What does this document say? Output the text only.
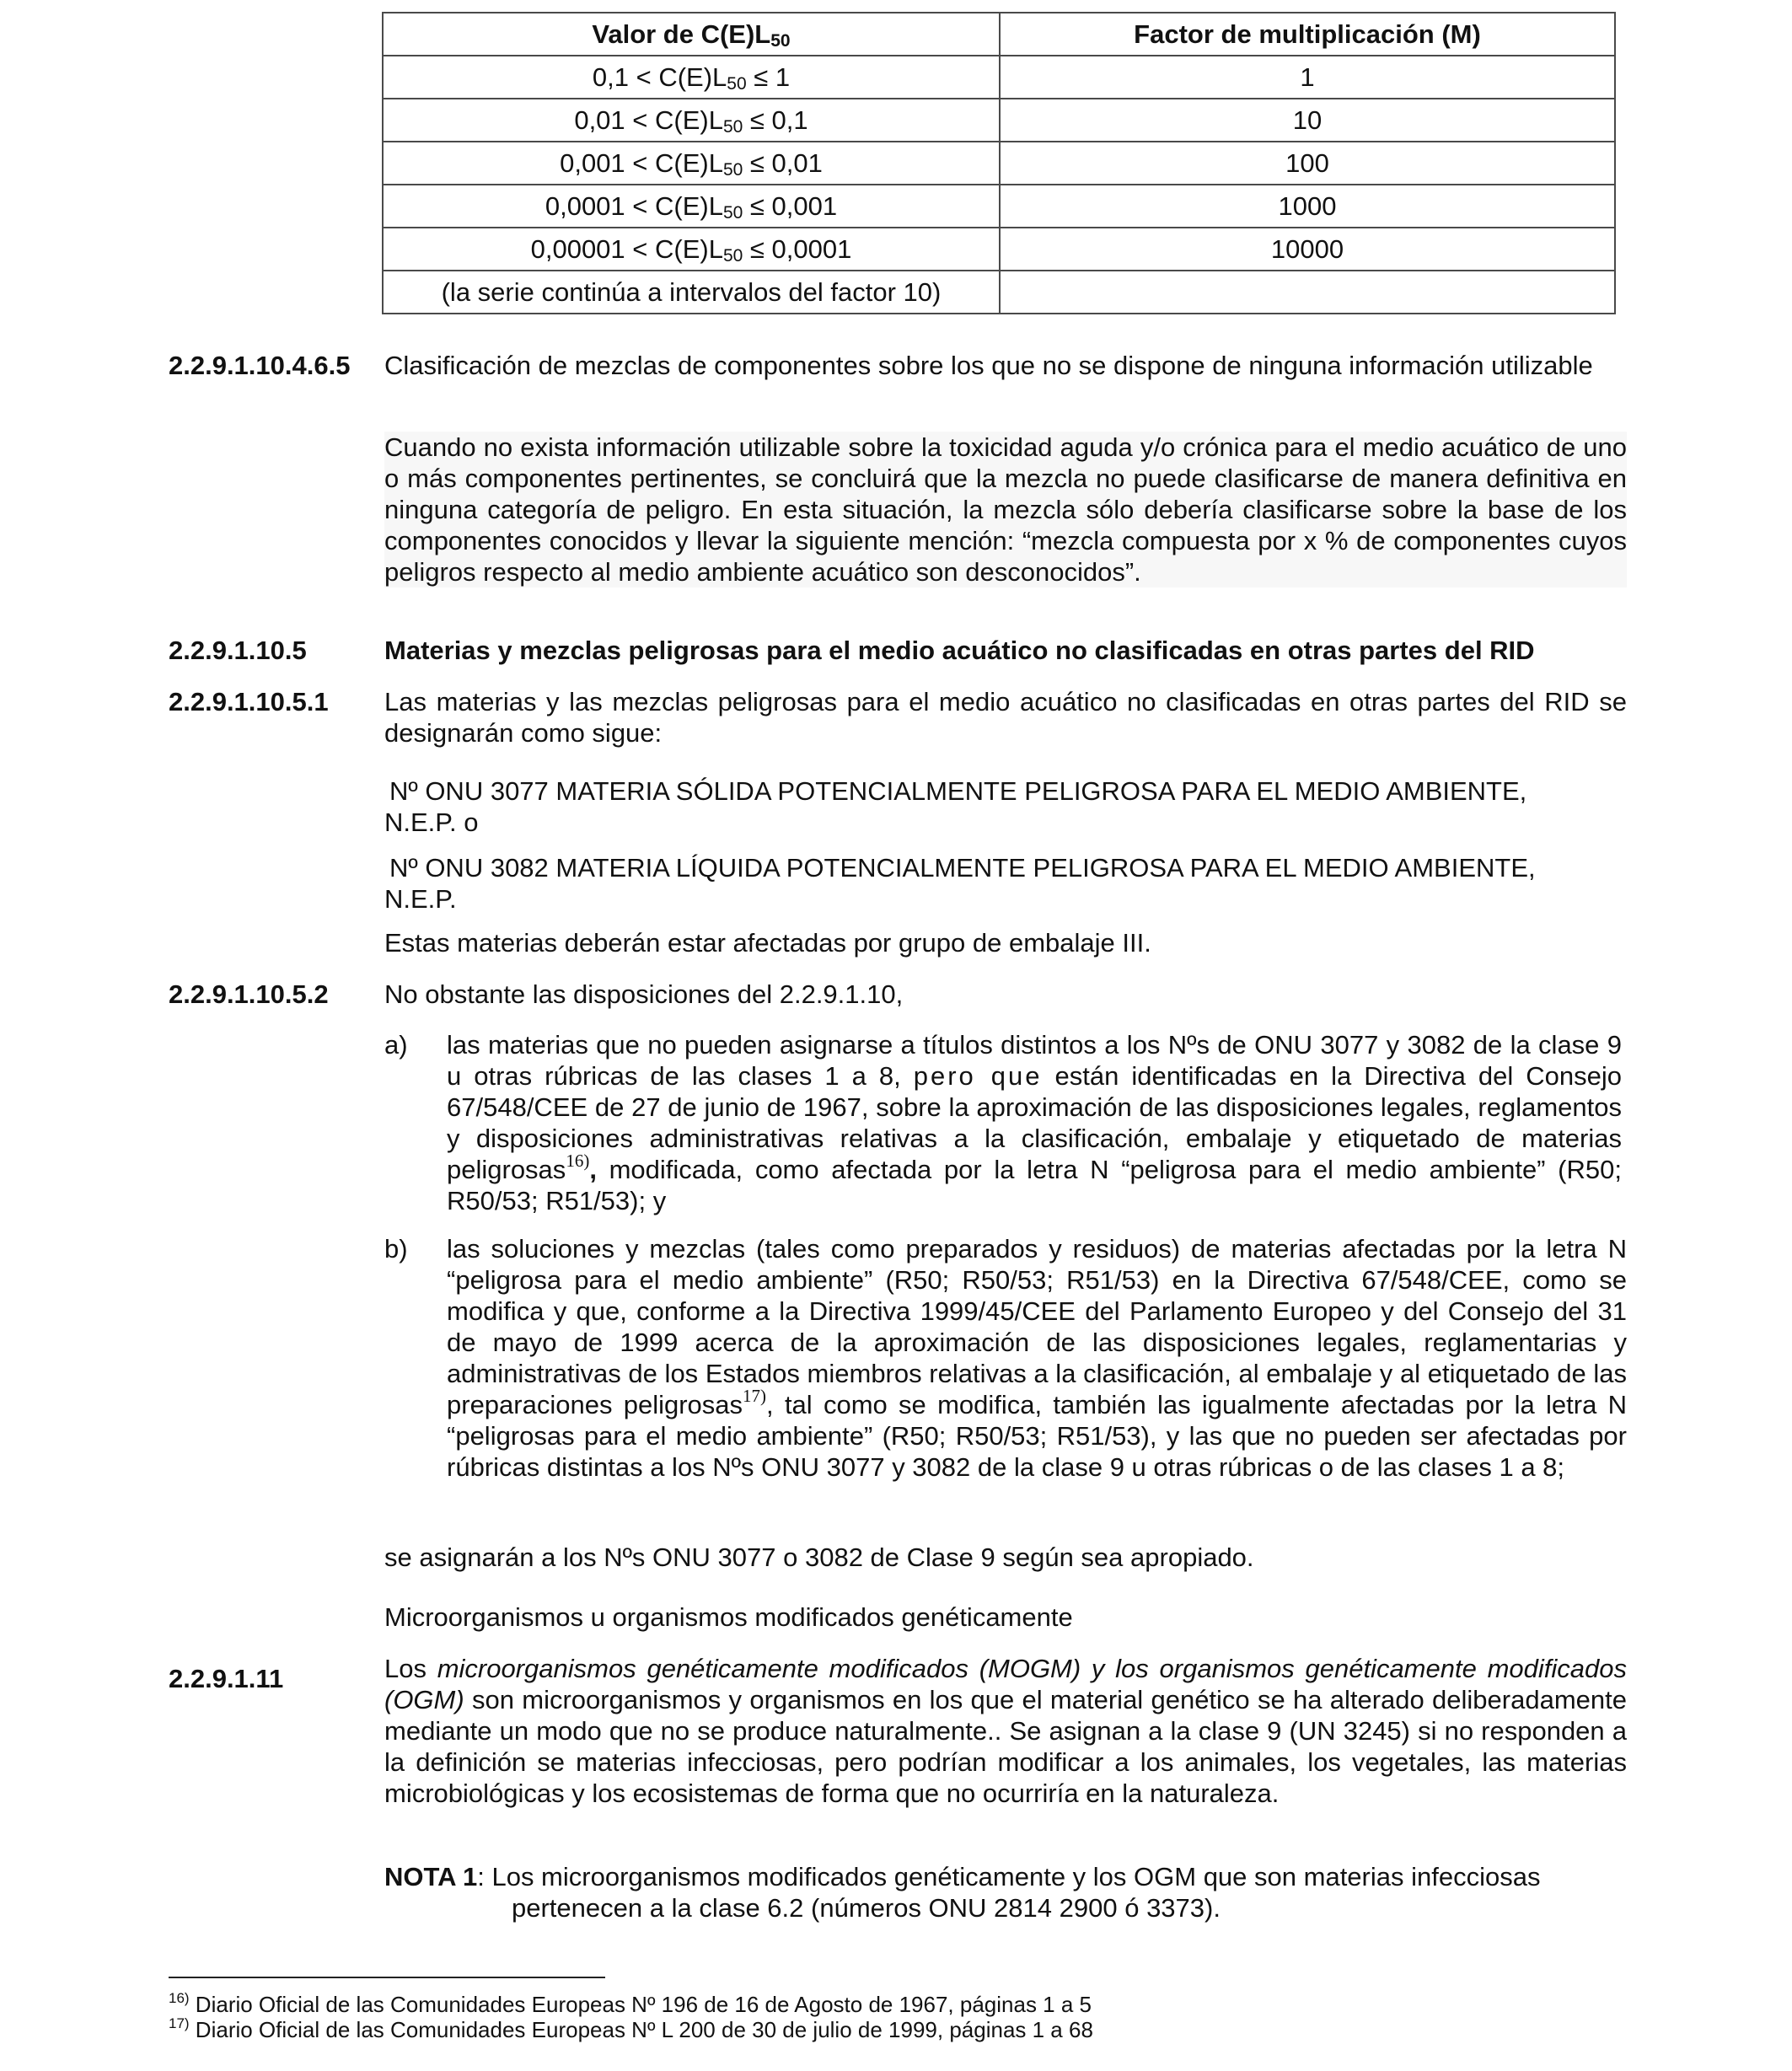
Valor de $C(E)L_{50}$	Factor de multiplicación (M)
$0,1 < C(E)L_{50} \le 1$	1
$0,01 < C(E)L_{50} \le 0,1$	10
$0,001 < C(E)L_{50} \le 0,01$	100
$0,0001 < C(E)L_{50} \le 0,001$	1000
$0,00001 < C(E)L_{50} \le 0,0001$	10000
(la serie continúa a intervalos del factor 10)	
2.2.9.1.10.4.6.5 Clasificación de mezclas de componentes sobre los que no se dispone de ninguna información utilizable
Cuando no exista información utilizable sobre la toxicidad aguda y/o crónica para el medio acuático de uno o más componentes pertinentes, se concluirá que la mezcla no puede clasificarse de manera definitiva en ninguna categoría de peligro. En esta situación, la mezcla sólo debería clasificarse sobre la base de los componentes conocidos y llevar la siguiente mención: “mezcla compuesta por x % de componentes cuyos peligros respecto al medio ambiente acuático son desconocidos”.
2.2.9.1.10.5	Materias y mezclas peligrosas para el medio acuático no clasificadas en otras partes del RID
2.2.9.1.10.5.1 Las materias y las mezclas peligrosas para el medio acuático no clasificadas en otras partes del RID se designarán como sigue:
Nº ONU 3077 MATERIA SÓLIDA POTENCIALMENTE PELIGROSA PARA EL MEDIO AMBIENTE,
N.E.P. o
Nº ONU 3082 MATERIA LÍQUIDA POTENCIALMENTE PELIGROSA PARA EL MEDIO AMBIENTE,
N.E.P.
Estas materias deberán estar afectadas por grupo de embalaje III.
2.2.9.1.10.5.2 No obstante las disposiciones del 2.2.9.1.10,
a) las materias que no pueden asignarse a títulos distintos a los Nºs de ONU 3077 y 3082 de la clase 9 u otras rúbricas de las clases 1 a 8, pero que están identificadas en la Directiva del Consejo 67/548/CEE de 27 de junio de 1967, sobre la aproximación de las disposiciones legales, reglamentos y disposiciones administrativas relativas a la clasificación, embalaje y etiquetado de materias peligrosas$^{16)}$, modificada, como afectada por la letra N “peligrosa para el medio ambiente” (R50; R50/53; R51/53); y
b) las soluciones y mezclas (tales como preparados y residuos) de materias afectadas por la letra N “peligrosa para el medio ambiente” (R50; R50/53; R51/53) en la Directiva 67/548/CEE, como se modifica y que, conforme a la Directiva 1999/45/CEE del Parlamento Europeo y del Consejo del 31 de mayo de 1999 acerca de la aproximación de las disposiciones legales, reglamentarias y administrativas de los Estados miembros relativas a la clasificación, al embalaje y al etiquetado de las preparaciones peligrosas$^{17)}$, tal como se modifica, también las igualmente afectadas por la letra N “peligrosas para el medio ambiente” (R50; R50/53; R51/53), y las que no pueden ser afectadas por rúbricas distintas a los Nºs ONU 3077 y 3082 de la clase 9 u otras rúbricas o de las clases 1 a 8;
se asignarán a los Nºs ONU 3077 o 3082 de Clase 9 según sea apropiado.
Microorganismos u organismos modificados genéticamente
2.2.9.1.11	Los microorganismos genéticamente modificados (MOGM) y los organismos genéticamente modificados (OGM) son microorganismos y organismos en los que el material genético se ha alterado deliberadamente mediante un modo que no se produce naturalmente.. Se asignan a la clase 9 (UN 3245) si no responden a la definición se materias infecciosas, pero podrían modificar a los animales, los vegetales, las materias microbiológicas y los ecosistemas de forma que no ocurriría en la naturaleza.
NOTA 1: Los microorganismos modificados genéticamente y los OGM que son materias infecciosas
pertenecen a la clase 6.2 (números ONU 2814 2900 ó 3373).
$^{16)}$ Diario Oficial de las Comunidades Europeas Nº 196 de 16 de Agosto de 1967, páginas 1 a 5
$^{17)}$ Diario Oficial de las Comunidades Europeas Nº L 200 de 30 de julio de 1999, páginas 1 a 68
